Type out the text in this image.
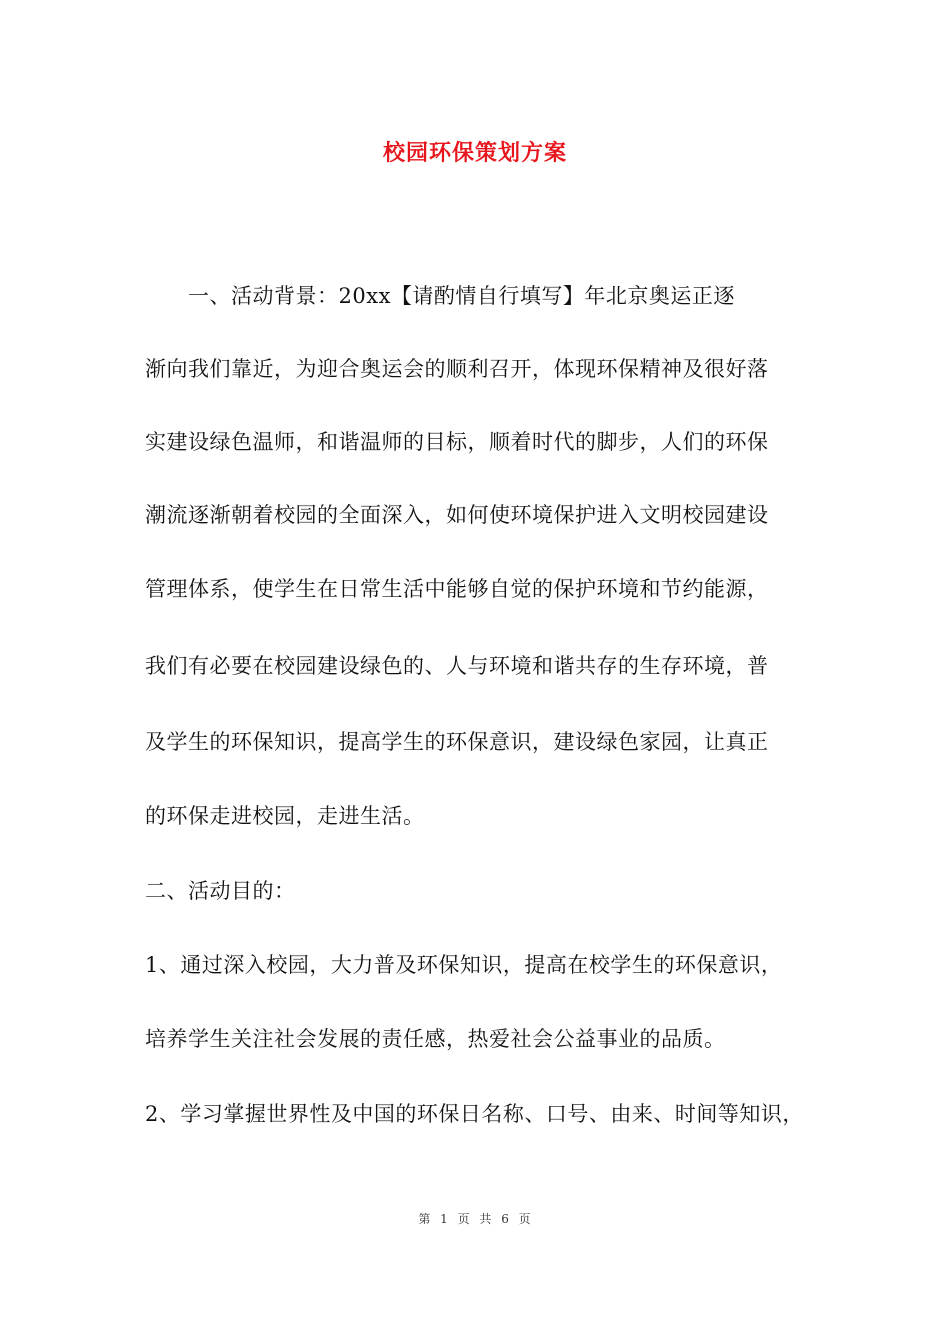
校园环保策划方案
　　一、活动背景：20xx【请酌情自行填写】年北京奥运正逐
渐向我们靠近，为迎合奥运会的顺利召开，体现环保精神及很好落
实建设绿色温师，和谐温师的目标，顺着时代的脚步，人们的环保
潮流逐渐朝着校园的全面深入，如何使环境保护进入文明校园建设
管理体系，使学生在日常生活中能够自觉的保护环境和节约能源，
我们有必要在校园建设绿色的、人与环境和谐共存的生存环境，普
及学生的环保知识，提高学生的环保意识，建设绿色家园，让真正
的环保走进校园，走进生活。
二、活动目的：
1、通过深入校园，大力普及环保知识，提高在校学生的环保意识，
培养学生关注社会发展的责任感，热爱社会公益事业的品质。
2、学习掌握世界性及中国的环保日名称、口号、由来、时间等知识，
第 1 页 共 6 页
